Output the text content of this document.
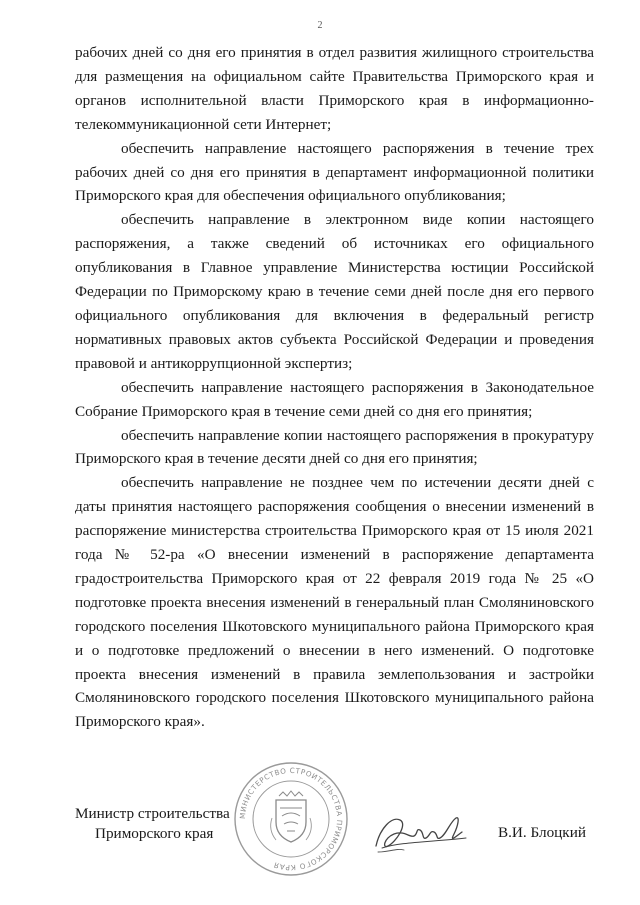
2

рабочих дней со дня его принятия в отдел развития жилищного строительства для размещения на официальном сайте Правительства Приморского края и органов исполнительной власти Приморского края в информационно-телекоммуникационной сети Интернет;

обеспечить направление настоящего распоряжения в течение трех рабочих дней со дня его принятия в департамент информационной политики Приморского края для обеспечения официального опубликования;

обеспечить направление в электронном виде копии настоящего распоряжения, а также сведений об источниках его официального опубликования в Главное управление Министерства юстиции Российской Федерации по Приморскому краю в течение семи дней после дня его первого официального опубликования для включения в федеральный регистр нормативных правовых актов субъекта Российской Федерации и проведения правовой и антикоррупционной экспертиз;

обеспечить направление настоящего распоряжения в Законодательное Собрание Приморского края в течение семи дней со дня его принятия;

обеспечить направление копии настоящего распоряжения в прокуратуру Приморского края в течение десяти дней со дня его принятия;

обеспечить направление не позднее чем по истечении десяти дней с даты принятия настоящего распоряжения сообщения о внесении изменений в распоряжение министерства строительства Приморского края от 15 июля 2021 года № 52-ра «О внесении изменений в распоряжение департамента градостроительства Приморского края от 22 февраля 2019 года № 25 «О подготовке проекта внесения изменений в генеральный план Смоляниновского городского поселения Шкотовского муниципального района Приморского края и о подготовке предложений о внесении в него изменений. О подготовке проекта внесения изменений в правила землепользования и застройки Смоляниновского городского поселения Шкотовского муниципального района Приморского края».

Министр строительства
Приморского края
МИНИСТЕРСТВО СТРОИТЕЛЬСТВА ПРИМОРСКОГО КРАЯ
В.И. Блоцкий
